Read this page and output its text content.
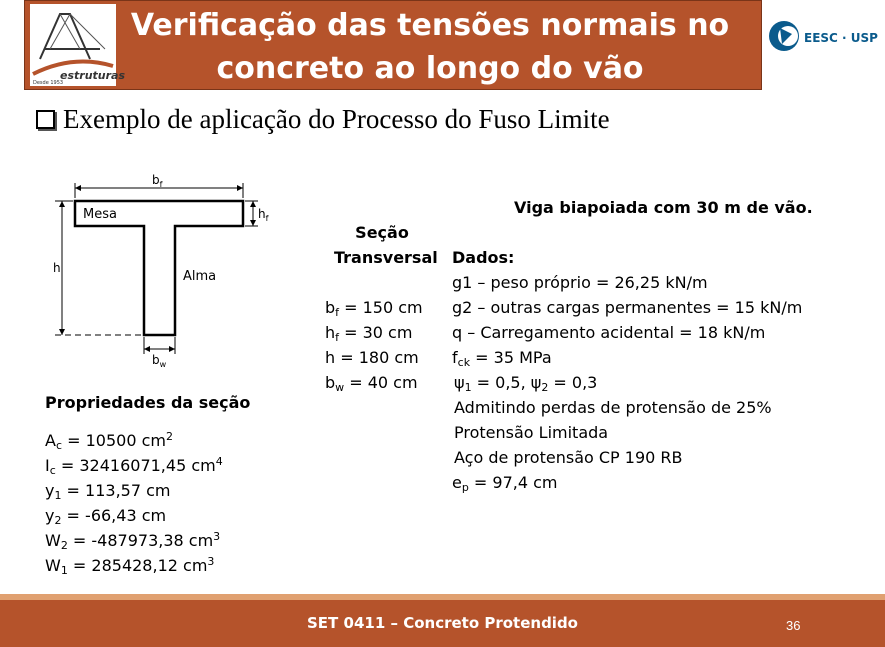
estruturas
Desde 1953
Verificação das tensões normais no
concreto ao longo do vão
EESC · USP
Exemplo de aplicação do Processo do Fuso Limite
$b_f$
$h_f$
h
$b_w$
Mesa
Alma
Propriedades da seção
$A_c = 10500$ $cm^2$
$I_c = 32416071,45$ $cm^4$
$y_1 = 113,57$ cm
$y_2 = -66,43$ cm
$W_2 = -487973,38$ $cm^3$
$W_1 = 285428,12$ $cm^3$
Seção
Transversal
$b_f = 150$ cm
$h_f = 30$ cm
h = 180 cm
$b_w = 40$ cm
Viga biapoiada com 30 m de vão.
Dados:
g1 – peso próprio = 26,25 kN/m
g2 – outras cargas permanentes = 15 kN/m
q – Carregamento acidental = 18 kN/m
$f_{ck} = 35$ MPa
$\psi_1 = 0,5$, $\psi_2 = 0,3$
Admitindo perdas de protensão de 25%
Protensão Limitada
Aço de protensão CP 190 RB
$e_p = 97,4$ cm
SET 0411 – Concreto Protendido	36
